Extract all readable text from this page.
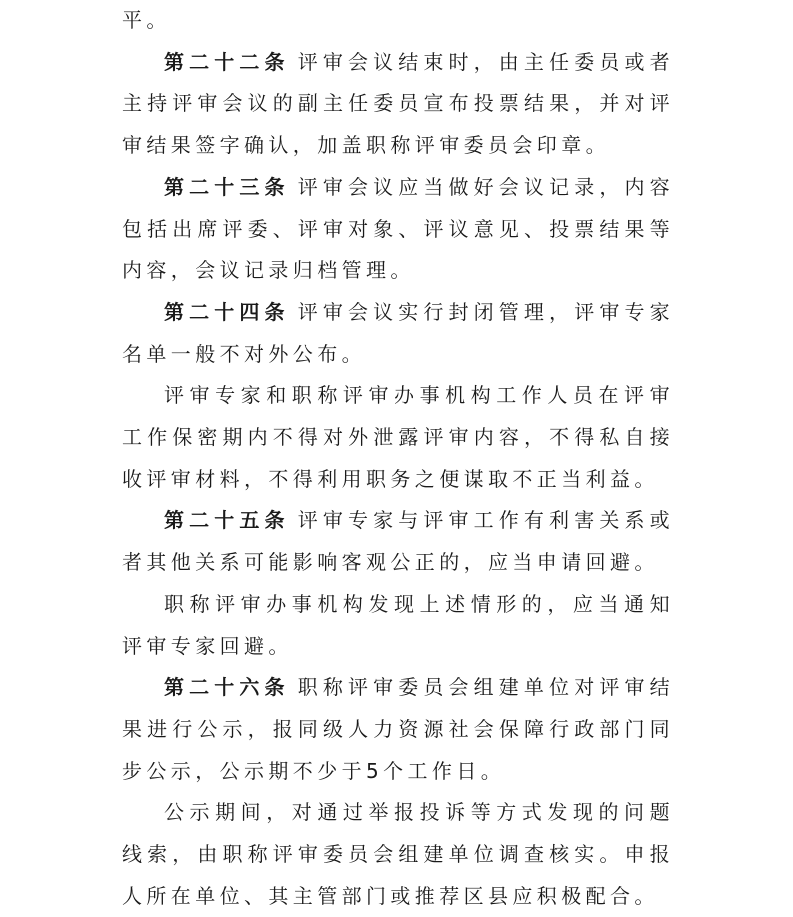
平。

第二十二条 评审会议结束时，由主任委员或者主持评审会议的副主任委员宣布投票结果，并对评审结果签字确认，加盖职称评审委员会印章。

第二十三条 评审会议应当做好会议记录，内容包括出席评委、评审对象、评议意见、投票结果等内容，会议记录归档管理。

第二十四条 评审会议实行封闭管理，评审专家名单一般不对外公布。

评审专家和职称评审办事机构工作人员在评审工作保密期内不得对外泄露评审内容，不得私自接收评审材料，不得利用职务之便谋取不正当利益。

第二十五条 评审专家与评审工作有利害关系或者其他关系可能影响客观公正的，应当申请回避。

职称评审办事机构发现上述情形的，应当通知评审专家回避。

第二十六条 职称评审委员会组建单位对评审结果进行公示，报同级人力资源社会保障行政部门同步公示，公示期不少于5个工作日。

公示期间，对通过举报投诉等方式发现的问题线索，由职称评审委员会组建单位调查核实。申报人所在单位、其主管部门或推荐区县应积极配合。
